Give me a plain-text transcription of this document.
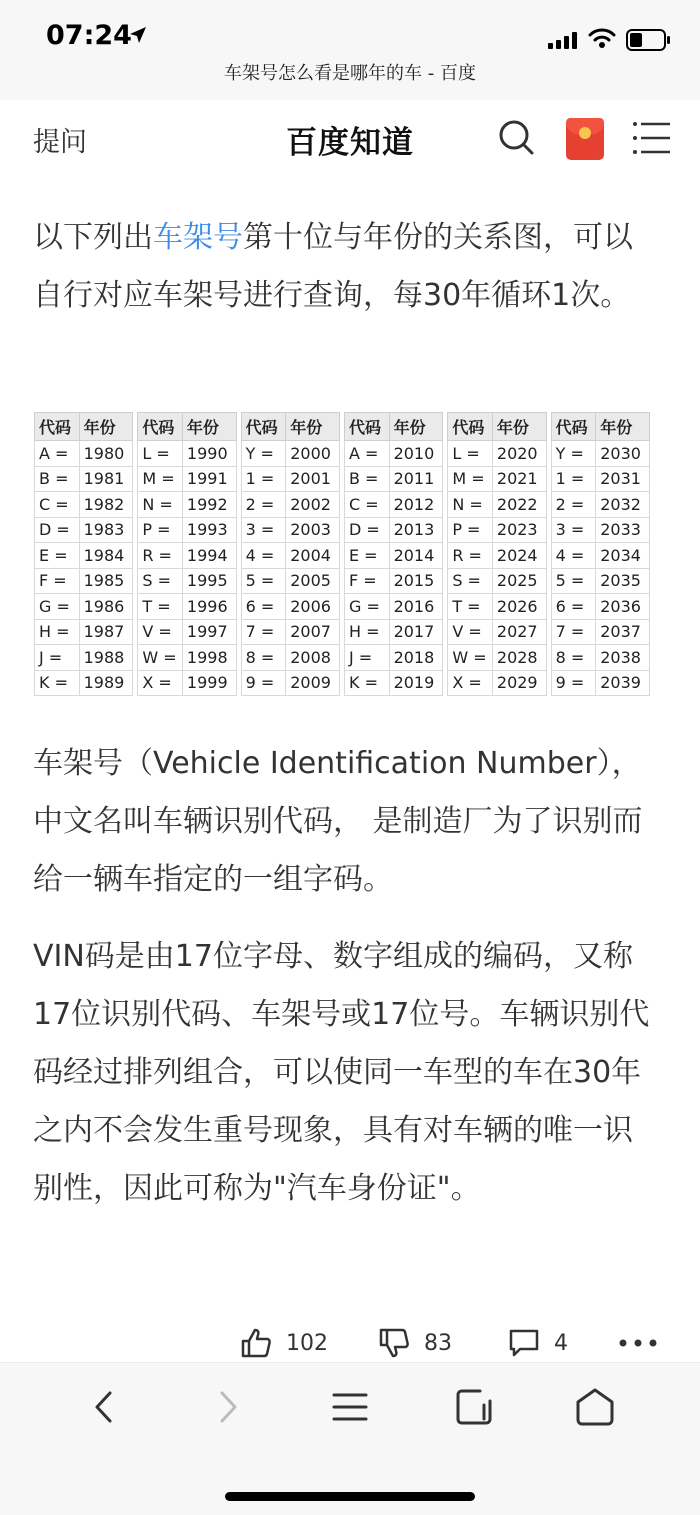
07:24
车架号怎么看是哪年的车 - 百度
提问	百度知道
以下列出车架号第十位与年份的关系图，可以自行对应车架号进行查询，每30年循环1次。
代码	年份		代码	年份		代码	年份		代码	年份		代码	年份		代码	年份
A =	1980		L =	1990		Y =	2000		A =	2010		L =	2020		Y =	2030
B =	1981		M =	1991		1 =	2001		B =	2011		M =	2021		1 =	2031
C =	1982		N =	1992		2 =	2002		C =	2012		N =	2022		2 =	2032
D =	1983		P =	1993		3 =	2003		D =	2013		P =	2023		3 =	2033
E =	1984		R =	1994		4 =	2004		E =	2014		R =	2024		4 =	2034
F =	1985		S =	1995		5 =	2005		F =	2015		S =	2025		5 =	2035
G =	1986		T =	1996		6 =	2006		G =	2016		T =	2026		6 =	2036
H =	1987		V =	1997		7 =	2007		H =	2017		V =	2027		7 =	2037
J =	1988		W =	1998		8 =	2008		J =	2018		W =	2028		8 =	2038
K =	1989		X =	1999		9 =	2009		K =	2019		X =	2029		9 =	2039
车架号（Vehicle Identification Number），中文名叫车辆识别代码， 是制造厂为了识别而给一辆车指定的一组字码。
VIN码是由17位字母、数字组成的编码，又称17位识别代码、车架号或17位号。车辆识别代码经过排列组合，可以使同一车型的车在30年之内不会发生重号现象，具有对车辆的唯一识别性，因此可称为"汽车身份证"。
102	83	4
